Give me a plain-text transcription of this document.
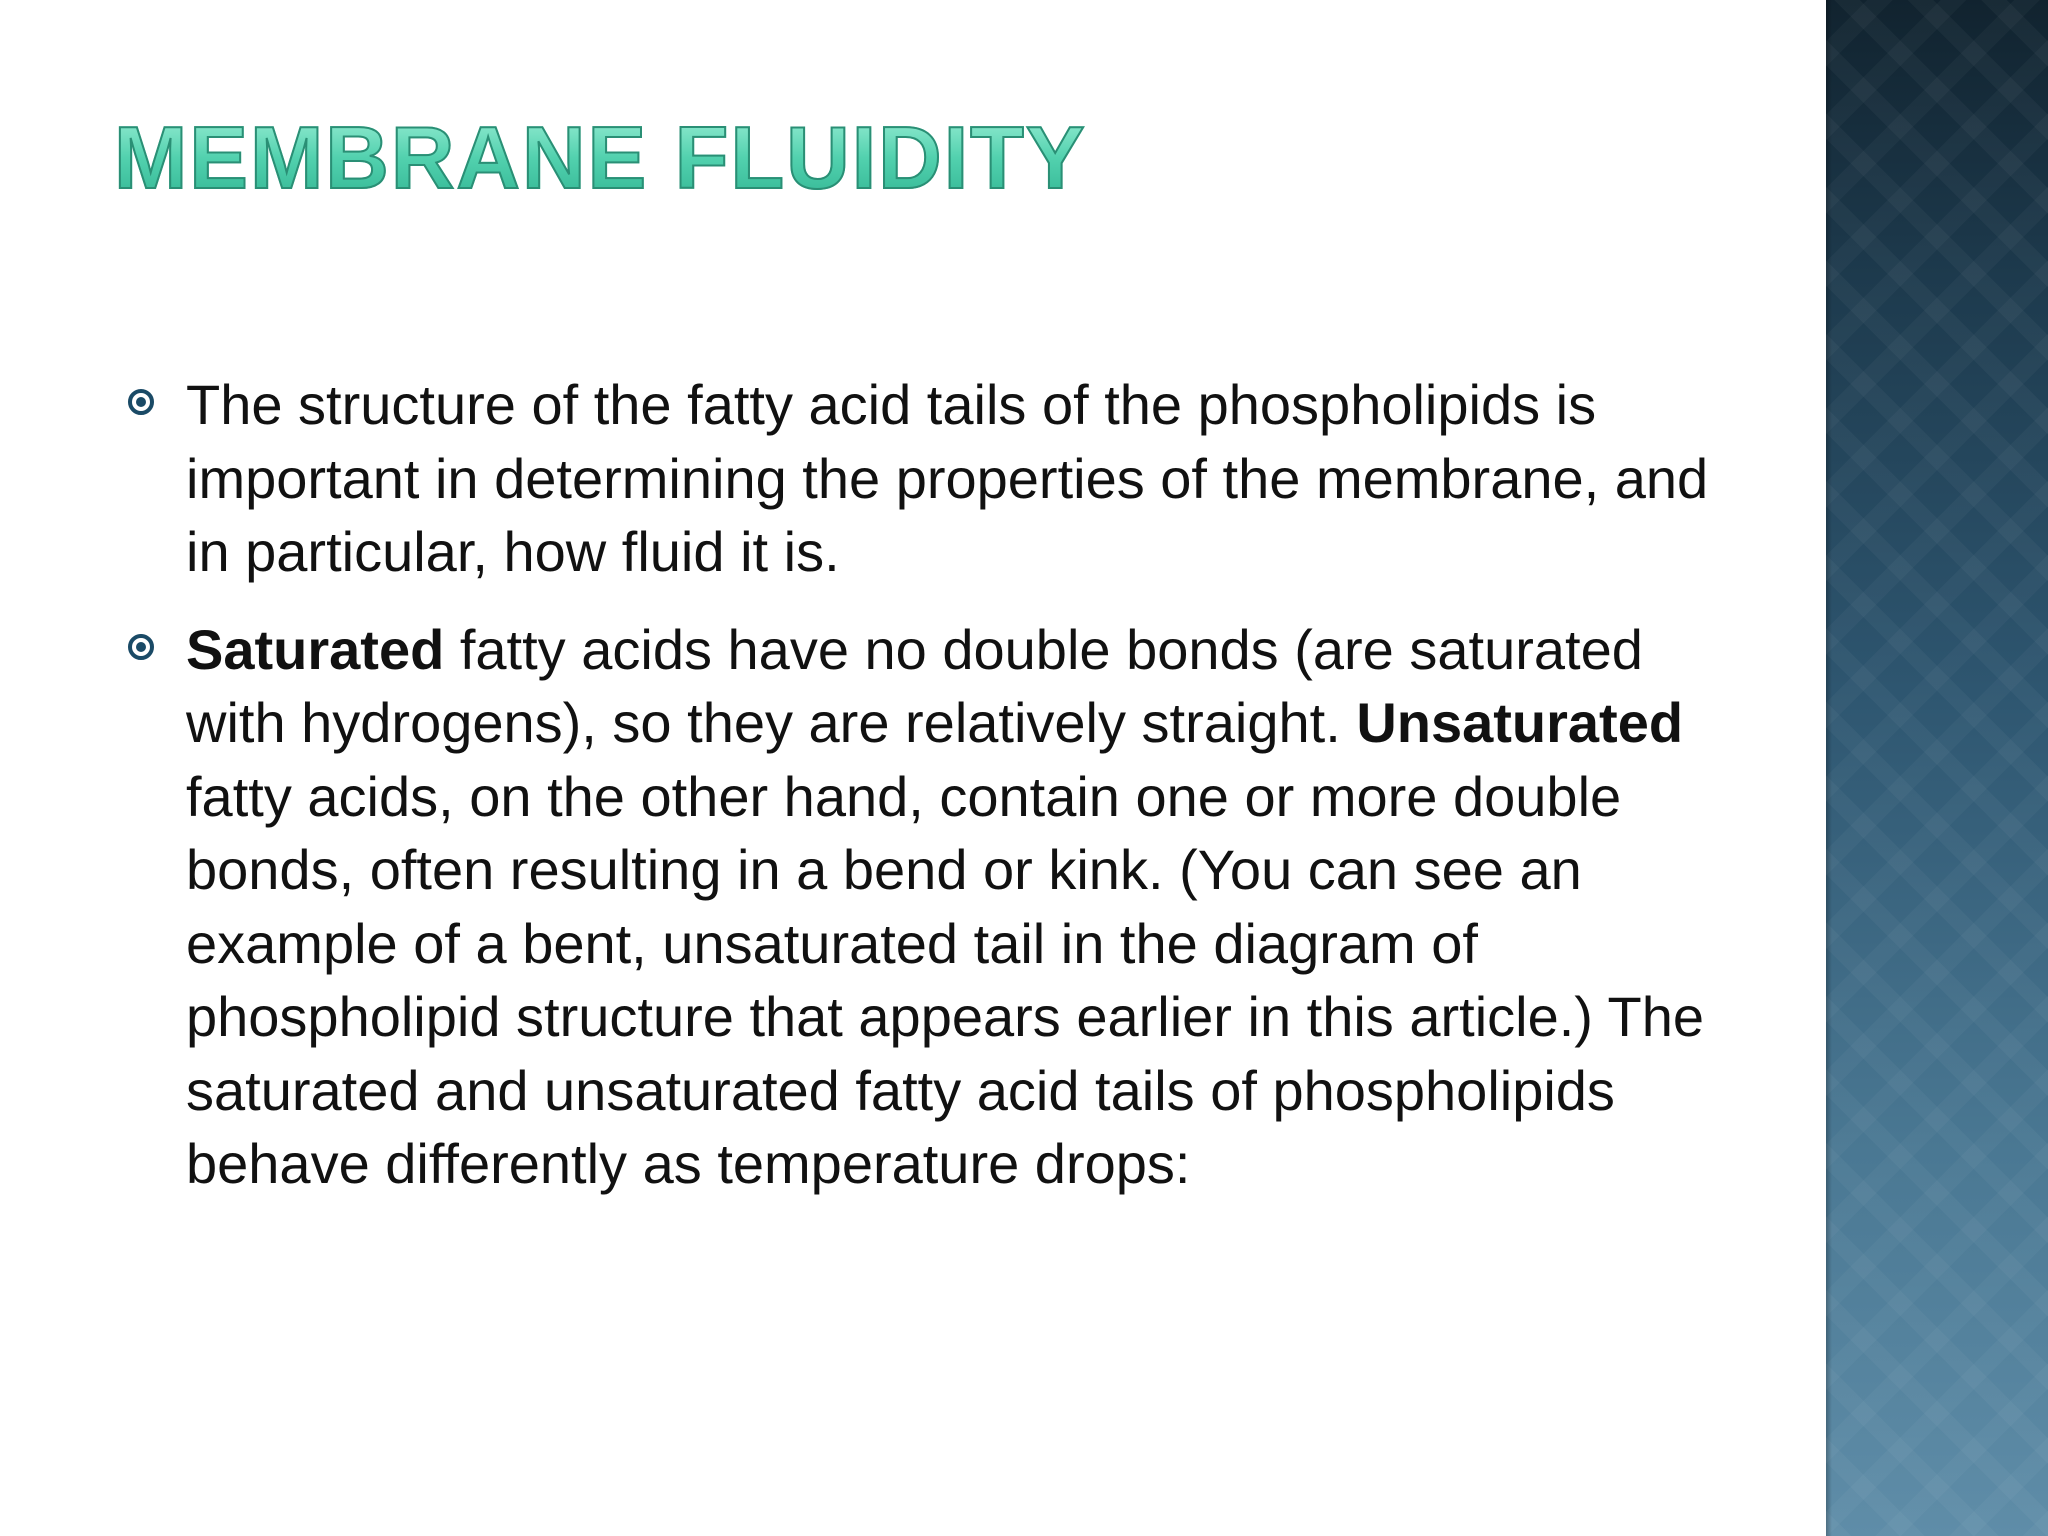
MEMBRANE FLUIDITY

The structure of the fatty acid tails of the phospholipids is important in determining the properties of the membrane, and in particular, how fluid it is.

Saturated fatty acids have no double bonds (are saturated with hydrogens), so they are relatively straight. Unsaturated fatty acids, on the other hand, contain one or more double bonds, often resulting in a bend or kink. (You can see an example of a bent, unsaturated tail in the diagram of phospholipid structure that appears earlier in this article.) The saturated and unsaturated fatty acid tails of phospholipids behave differently as temperature drops:
